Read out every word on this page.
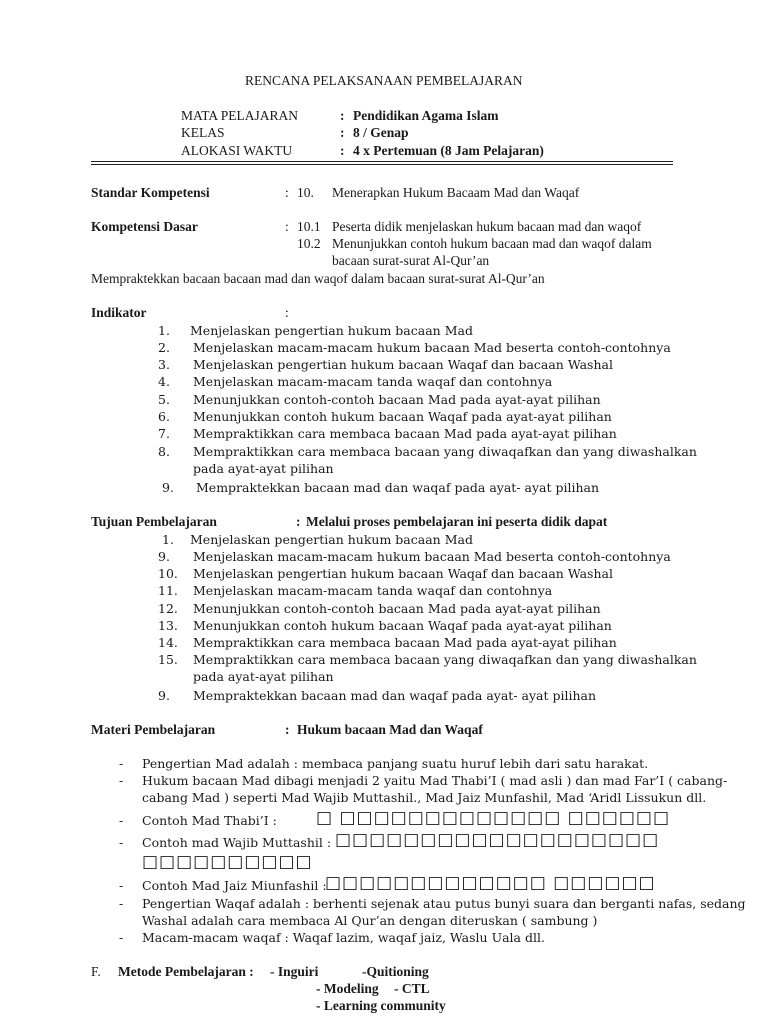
RENCANA PELAKSANAAN PEMBELAJARAN
MATA PELAJARAN	: Pendidikan Agama Islam
KELAS	: 8 / Genap
ALOKASI WAKTU	: 4 x Pertemuan (8 Jam Pelajaran)
Standar Kompetensi	: 10. Menerapkan Hukum Bacaam Mad dan Waqaf
Kompetensi Dasar	: 10.1 Peserta didik menjelaskan hukum bacaan mad dan waqof
10.2 Menunjukkan contoh hukum bacaan mad dan waqof dalam
bacaan surat-surat Al-Qur’an
Mempraktekkan bacaan bacaan mad dan waqof dalam bacaan surat-surat Al-Qur’an
Indikator	:
1. Menjelaskan pengertian hukum bacaan Mad
2. Menjelaskan macam-macam hukum bacaan Mad beserta contoh-contohnya
3. Menjelaskan pengertian hukum bacaan Waqaf dan bacaan Washal
4. Menjelaskan macam-macam tanda waqaf dan contohnya
5. Menunjukkan contoh-contoh bacaan Mad pada ayat-ayat pilihan
6. Menunjukkan contoh hukum bacaan Waqaf pada ayat-ayat pilihan
7. Mempraktikkan cara membaca bacaan Mad pada ayat-ayat pilihan
8. Mempraktikkan cara membaca bacaan yang diwaqafkan dan yang diwashalkan
pada ayat-ayat pilihan
9. Mempraktekkan bacaan mad dan waqaf pada ayat- ayat pilihan
Tujuan Pembelajaran	: Melalui proses pembelajaran ini peserta didik dapat
1. Menjelaskan pengertian hukum bacaan Mad
9. Menjelaskan macam-macam hukum bacaan Mad beserta contoh-contohnya
10. Menjelaskan pengertian hukum bacaan Waqaf dan bacaan Washal
11. Menjelaskan macam-macam tanda waqaf dan contohnya
12. Menunjukkan contoh-contoh bacaan Mad pada ayat-ayat pilihan
13. Menunjukkan contoh hukum bacaan Waqaf pada ayat-ayat pilihan
14. Mempraktikkan cara membaca bacaan Mad pada ayat-ayat pilihan
15. Mempraktikkan cara membaca bacaan yang diwaqafkan dan yang diwashalkan
pada ayat-ayat pilihan
9. Mempraktekkan bacaan mad dan waqaf pada ayat- ayat pilihan
Materi Pembelajaran	: Hukum bacaan Mad dan Waqaf
- Pengertian Mad adalah : membaca panjang suatu huruf lebih dari satu harakat.
- Hukum bacaan Mad dibagi menjadi 2 yaitu Mad Thabi’I ( mad asli ) dan mad Far’I ( cabang-
cabang Mad ) seperti Mad Wajib Muttashil., Mad Jaiz Munfashil, Mad ‘Aridl Lissukun dll.
- Contoh Mad Thabi’I : □ □□□□□□□□□□□□□ □□□□□□
- Contoh mad Wajib Muttashil : □□□□□□□□□□□□□□□□□□□
□□□□□□□□□□
- Contoh Mad Jaiz Miunfashil :
□□□□□□□□□□□□□ □□□□□□
- Pengertian Waqaf adalah : berhenti sejenak atau putus bunyi suara dan berganti nafas, sedang
Washal adalah cara membaca Al Qur’an dengan diteruskan ( sambung )
- Macam-macam waqaf : Waqaf lazim, waqaf jaiz, Waslu Uala dll.
F. Metode Pembelajaran : - Inguiri	-Quitioning
- Modeling - CTL
- Learning community
